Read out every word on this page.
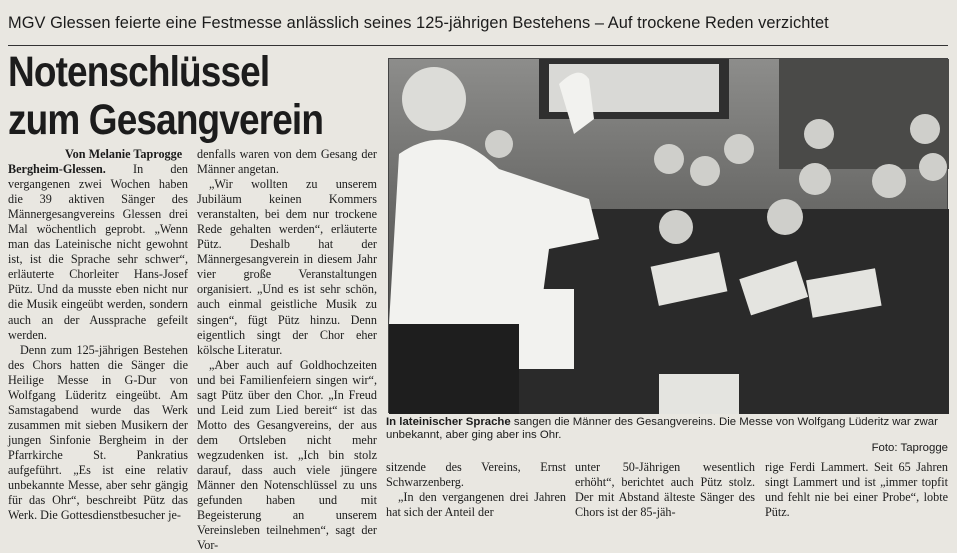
MGV Glessen feierte eine Festmesse anlässlich seines 125-jährigen Bestehens – Auf trockene Reden verzichtet
Notenschlüssel
zum Gesangverein

Von Melanie Taprogge

Bergheim-Glessen. In den vergangenen zwei Wochen haben die 39 aktiven Sänger des Männergesangvereins Glessen drei Mal wöchentlich geprobt. „Wenn man das Lateinische nicht gewohnt ist, ist die Sprache sehr schwer“, erläuterte Chorleiter Hans-Josef Pütz. Und da musste eben nicht nur die Musik eingeübt werden, sondern auch an der Aussprache gefeilt werden.

Denn zum 125-jährigen Bestehen des Chors hatten die Sänger die Heilige Messe in G-Dur von Wolfgang Lüderitz eingeübt. Am Samstagabend wurde das Werk zusammen mit sieben Musikern der jungen Sinfonie Bergheim in der Pfarrkirche St. Pankratius aufgeführt. „Es ist eine relativ unbekannte Messe, aber sehr gängig für das Ohr“, beschreibt Pütz das Werk. Die Gottesdienstbesucher je-

denfalls waren von dem Gesang der Männer angetan.

„Wir wollten zu unserem Jubiläum keinen Kommers veranstalten, bei dem nur trockene Rede gehalten werden“, erläuterte Pütz. Deshalb hat der Männergesangverein in diesem Jahr vier große Veranstaltungen organisiert. „Und es ist sehr schön, auch einmal geistliche Musik zu singen“, fügt Pütz hinzu. Denn eigentlich singt der Chor eher kölsche Literatur.

„Aber auch auf Goldhochzeiten und bei Familienfeiern singen wir“, sagt Pütz über den Chor. „In Freud und Leid zum Lied bereit“ ist das Motto des Gesangvereins, der aus dem Ortsleben nicht mehr wegzudenken ist. „Ich bin stolz darauf, dass auch viele jüngere Männer den Notenschlüssel zu uns gefunden haben und mit Begeisterung an unserem Vereinsleben teilnehmen“, sagt der Vor-

In lateinischer Sprache sangen die Männer des Gesangvereins. Die Messe von Wolfgang Lüderitz war zwar unbekannt, aber ging aber ins Ohr.
Foto: Taprogge

sitzende des Vereins, Ernst Schwarzenberg.

„In den vergangenen drei Jahren hat sich der Anteil der

unter 50-Jährigen wesentlich erhöht“, berichtet auch Pütz stolz. Der mit Abstand älteste Sänger des Chors ist der 85-jäh-

rige Ferdi Lammert. Seit 65 Jahren singt Lammert und ist „immer topfit und fehlt nie bei einer Probe“, lobte Pütz.
